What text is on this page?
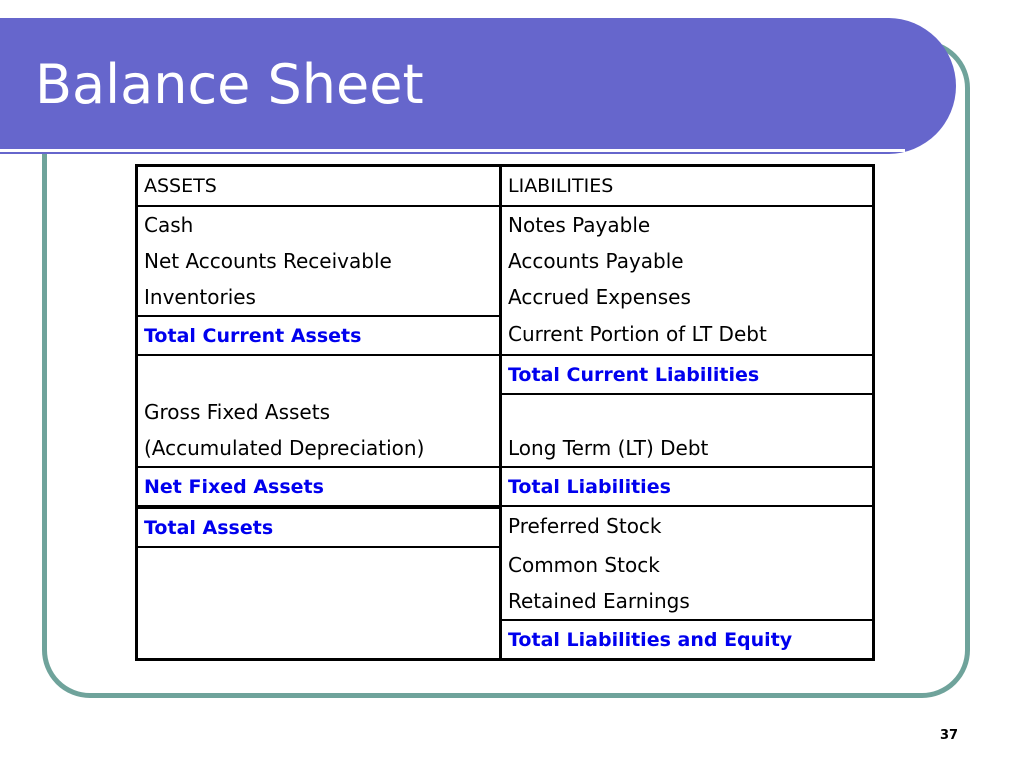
Balance Sheet
ASSETS	LIABILITIES
Cash	Notes Payable
Net Accounts Receivable	Accounts Payable
Inventories	Accrued Expenses
Total Current Assets	Current Portion of LT Debt
	Total Current Liabilities
Gross Fixed Assets	
(Accumulated Depreciation)	Long Term (LT) Debt
Net Fixed Assets	Total Liabilities

Total Assets	Preferred Stock
	Common Stock
	Retained Earnings
	Total Liabilities and Equity
37
